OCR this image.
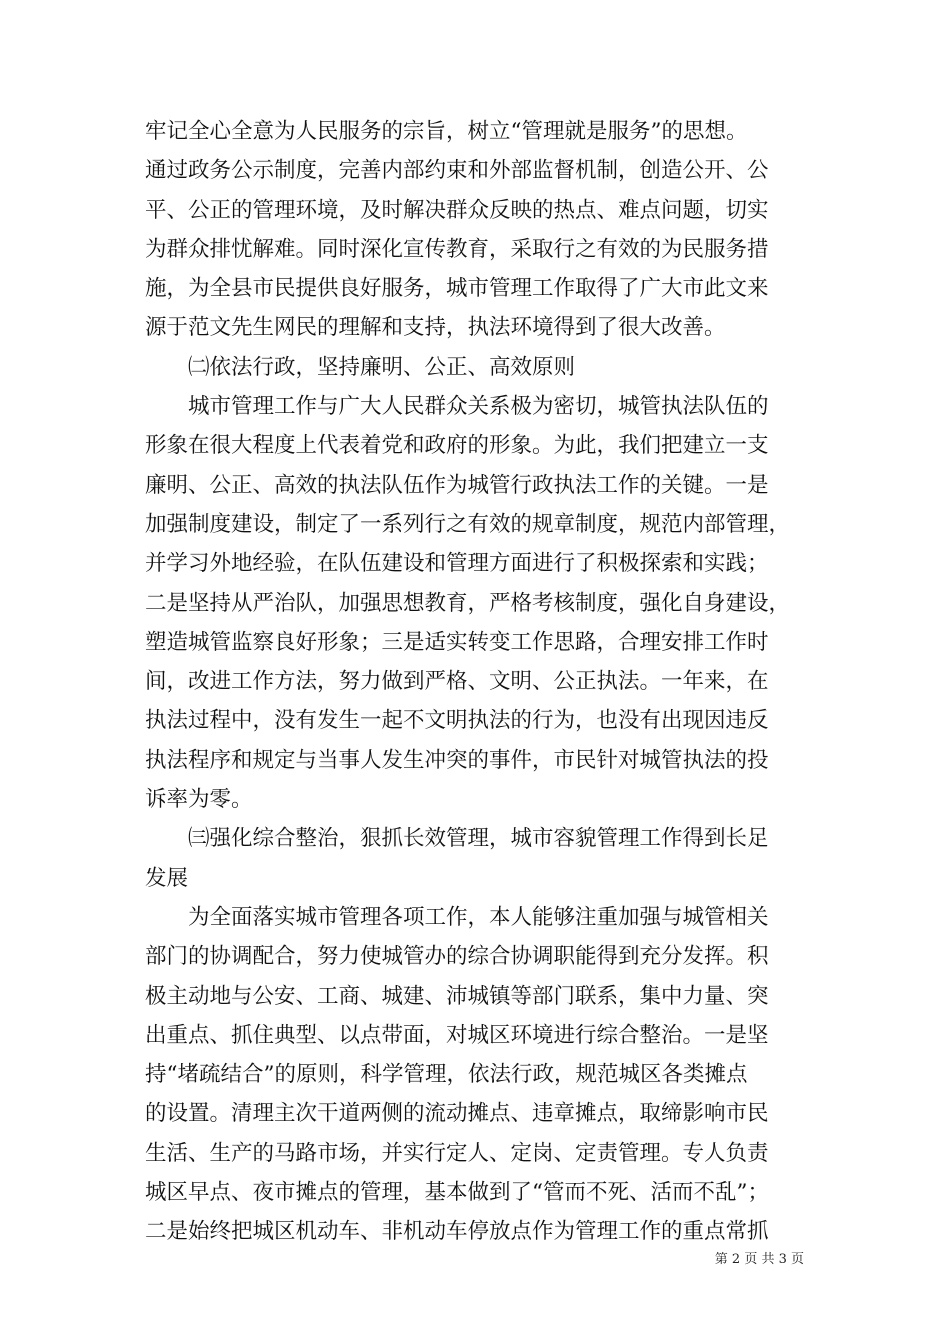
牢记全心全意为人民服务的宗旨，树立“管理就是服务”的思想。
通过政务公示制度，完善内部约束和外部监督机制，创造公开、公
平、公正的管理环境，及时解决群众反映的热点、难点问题，切实
为群众排忧解难。同时深化宣传教育，采取行之有效的为民服务措
施，为全县市民提供良好服务，城市管理工作取得了广大市此文来
源于范文先生网民的理解和支持，执法环境得到了很大改善。
㈡依法行政，坚持廉明、公正、高效原则
城市管理工作与广大人民群众关系极为密切，城管执法队伍的
形象在很大程度上代表着党和政府的形象。为此，我们把建立一支
廉明、公正、高效的执法队伍作为城管行政执法工作的关键。一是
加强制度建设，制定了一系列行之有效的规章制度，规范内部管理，
并学习外地经验，在队伍建设和管理方面进行了积极探索和实践；
二是坚持从严治队，加强思想教育，严格考核制度，强化自身建设，
塑造城管监察良好形象；三是适实转变工作思路，合理安排工作时
间，改进工作方法，努力做到严格、文明、公正执法。一年来，在
执法过程中，没有发生一起不文明执法的行为，也没有出现因违反
执法程序和规定与当事人发生冲突的事件，市民针对城管执法的投
诉率为零。
㈢强化综合整治，狠抓长效管理，城市容貌管理工作得到长足
发展
为全面落实城市管理各项工作，本人能够注重加强与城管相关
部门的协调配合，努力使城管办的综合协调职能得到充分发挥。积
极主动地与公安、工商、城建、沛城镇等部门联系，集中力量、突
出重点、抓住典型、以点带面，对城区环境进行综合整治。一是坚
持“堵疏结合”的原则，科学管理，依法行政，规范城区各类摊点
的设置。清理主次干道两侧的流动摊点、违章摊点，取缔影响市民
生活、生产的马路市场，并实行定人、定岗、定责管理。专人负责
城区早点、夜市摊点的管理，基本做到了“管而不死、活而不乱”；
二是始终把城区机动车、非机动车停放点作为管理工作的重点常抓
第 2 页 共 3 页
